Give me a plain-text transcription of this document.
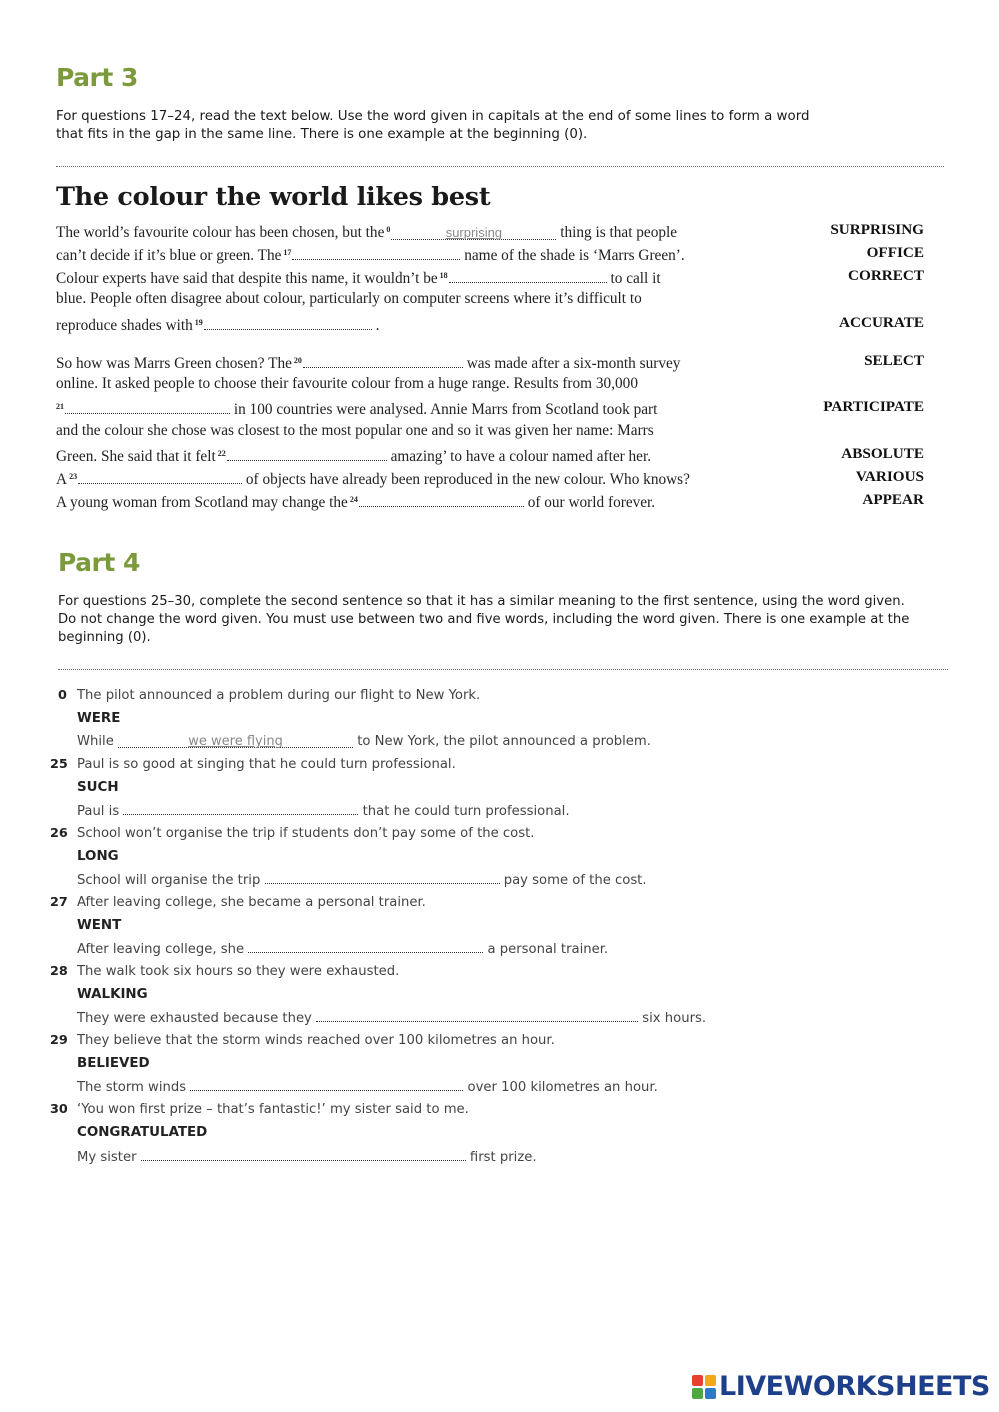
Part 3
For questions 17–24, read the text below. Use the word given in capitals at the end of some lines to form a word
that fits in the gap in the same line. There is one example at the beginning (0).
The colour the world likes best
The world’s favourite colour has been chosen, but the $^0$	surprising	thing is that people
can’t decide if it’s blue or green. The $^{17}$	name of the shade is ‘Marrs Green’.
Colour experts have said that despite this name, it wouldn’t be $^{18}$	to call it
blue. People often disagree about colour, particularly on computer screens where it’s difficult to
reproduce shades with $^{19}$	.
So how was Marrs Green chosen? The $^{20}$	was made after a six-month survey
online. It asked people to choose their favourite colour from a huge range. Results from 30,000
$^{21}$	in 100 countries were analysed. Annie Marrs from Scotland took part
and the colour she chose was closest to the most popular one and so it was given her name: Marrs
Green. She said that it felt $^{22}$	amazing’ to have a colour named after her.
A $^{23}$	of objects have already been reproduced in the new colour. Who knows?
A young woman from Scotland may change the $^{24}$	of our world forever.
SURPRISING
OFFICE
CORRECT
ACCURATE
SELECT
PARTICIPATE
ABSOLUTE
VARIOUS
APPEAR
Part 4
For questions 25–30, complete the second sentence so that it has a similar meaning to the first sentence, using the word given.
Do not change the word given. You must use between two and five words, including the word given. There is one example at the
beginning (0).
0 The pilot announced a problem during our flight to New York.
WERE
While	we were flying	to New York, the pilot announced a problem.
25 Paul is so good at singing that he could turn professional.
SUCH
Paul is	that he could turn professional.
26 School won’t organise the trip if students don’t pay some of the cost.
LONG
School will organise the trip	pay some of the cost.
27 After leaving college, she became a personal trainer.
WENT
After leaving college, she	a personal trainer.
28 The walk took six hours so they were exhausted.
WALKING
They were exhausted because they	six hours.
29 They believe that the storm winds reached over 100 kilometres an hour.
BELIEVED
The storm winds	over 100 kilometres an hour.
30 ‘You won first prize – that’s fantastic!’ my sister said to me.
CONGRATULATED
My sister	first prize.
LIVEWORKSHEETS
